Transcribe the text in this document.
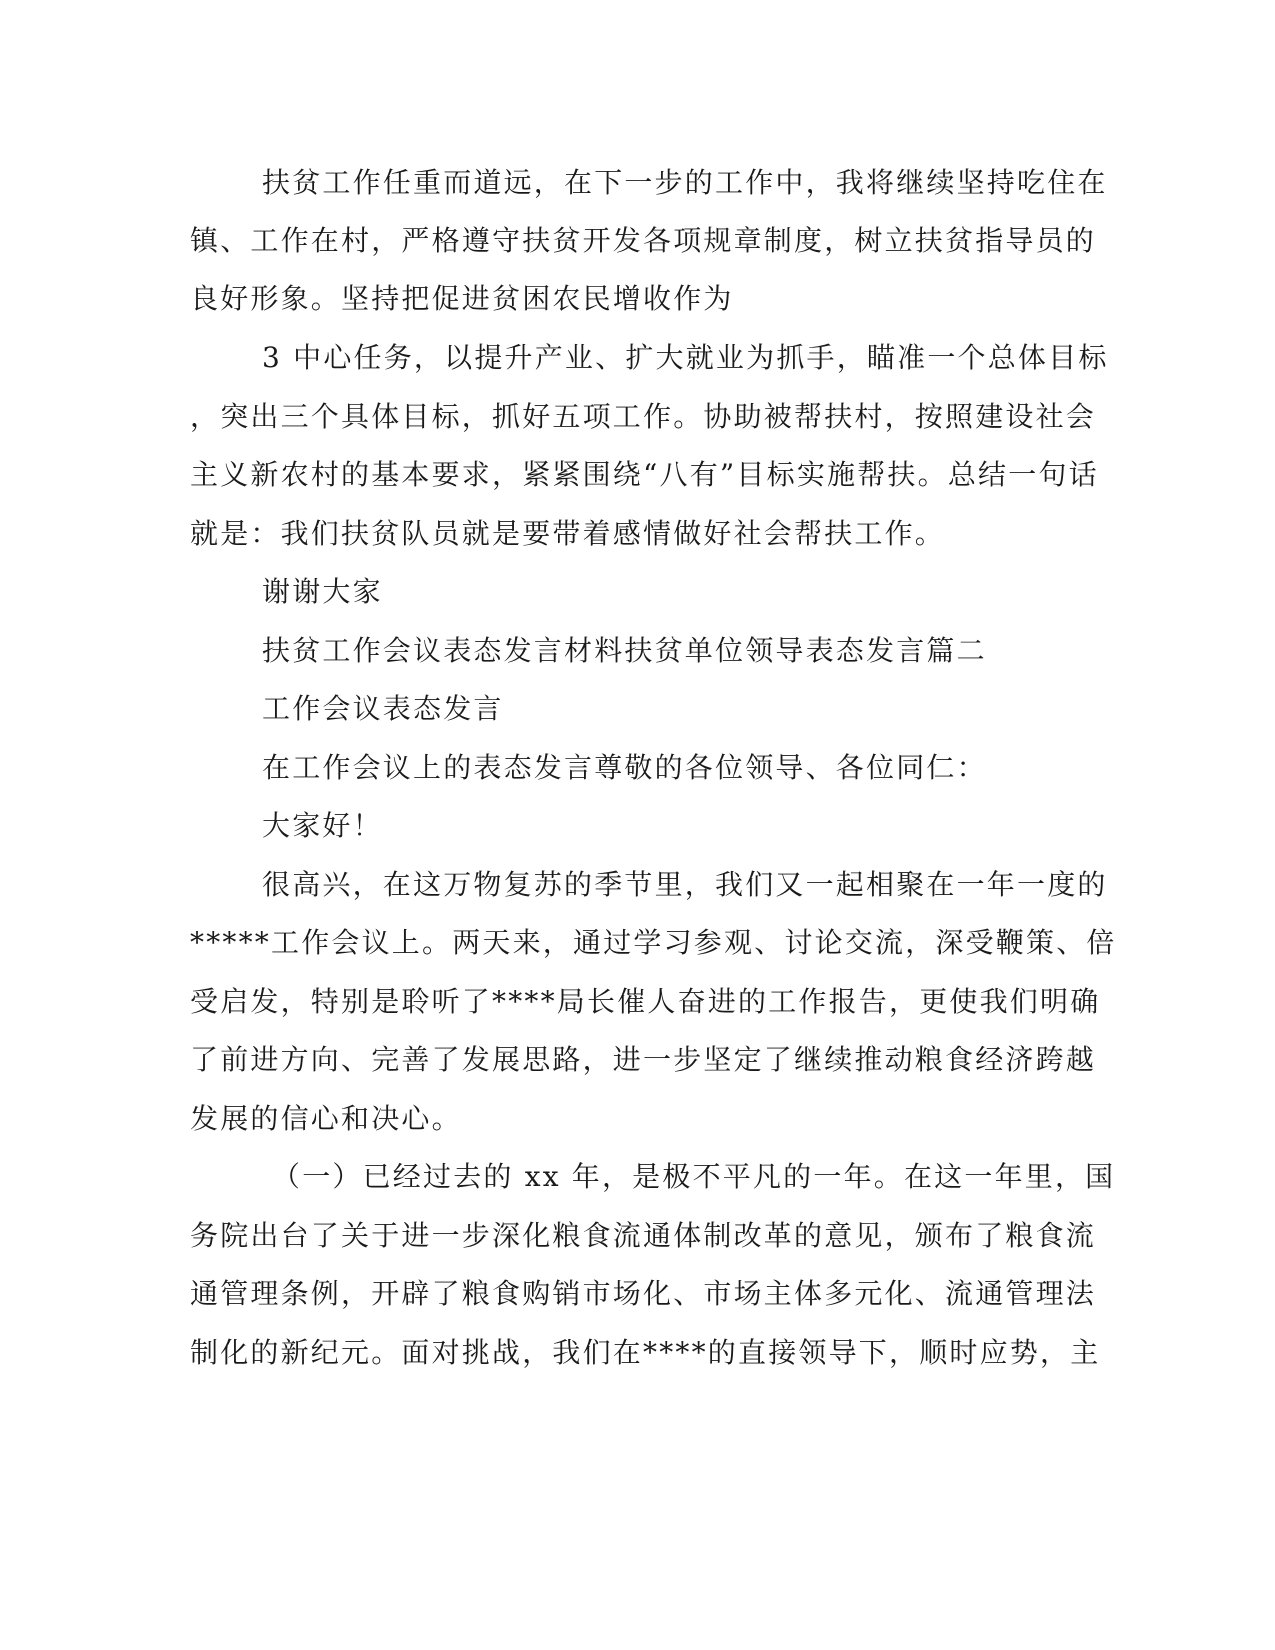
扶贫工作任重而道远，在下一步的工作中，我将继续坚持吃住在

镇、工作在村，严格遵守扶贫开发各项规章制度，树立扶贫指导员的

良好形象。坚持把促进贫困农民增收作为

3 中心任务，以提升产业、扩大就业为抓手，瞄准一个总体目标

，突出三个具体目标，抓好五项工作。协助被帮扶村，按照建设社会

主义新农村的基本要求，紧紧围绕“八有”目标实施帮扶。总结一句话

就是：我们扶贫队员就是要带着感情做好社会帮扶工作。

谢谢大家

扶贫工作会议表态发言材料扶贫单位领导表态发言篇二

工作会议表态发言

在工作会议上的表态发言尊敬的各位领导、各位同仁：

大家好！

很高兴，在这万物复苏的季节里，我们又一起相聚在一年一度的

*****工作会议上。两天来，通过学习参观、讨论交流，深受鞭策、倍

受启发，特别是聆听了****局长催人奋进的工作报告，更使我们明确

了前进方向、完善了发展思路，进一步坚定了继续推动粮食经济跨越

发展的信心和决心。

（一）已经过去的 xx 年，是极不平凡的一年。在这一年里，国

务院出台了关于进一步深化粮食流通体制改革的意见，颁布了粮食流

通管理条例，开辟了粮食购销市场化、市场主体多元化、流通管理法

制化的新纪元。面对挑战，我们在****的直接领导下，顺时应势，主
